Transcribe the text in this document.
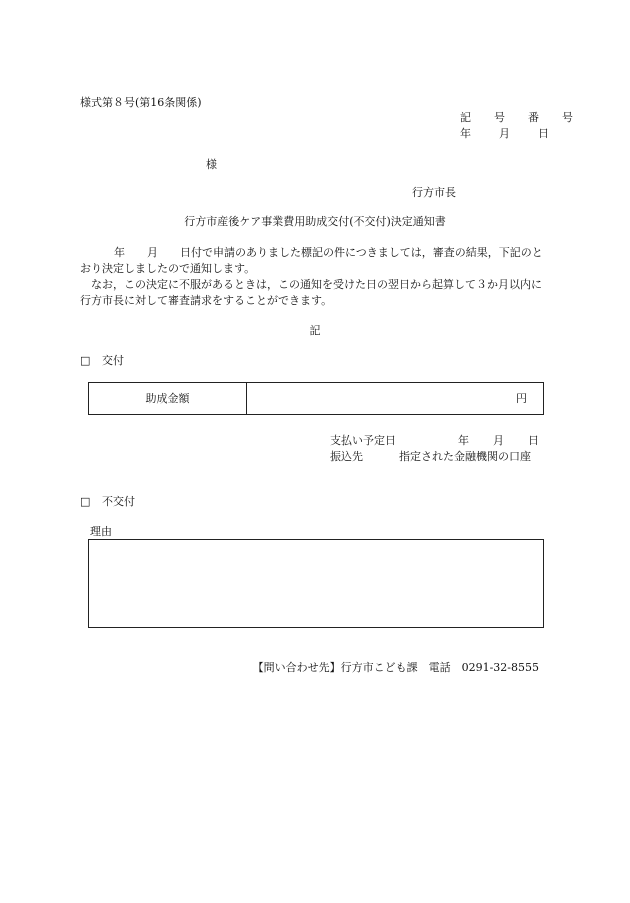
様式第８号(第16条関係)
記　号　番　号
年	月	日
様
行方市長
行方市産後ケア事業費用助成交付(不交付)決定通知書

年 月 日付で申請のありました標記の件につきましては，審査の結果，下記のとおり決定しましたので通知します。

なお，この決定に不服があるときは，この通知を受けた日の翌日から起算して３か月以内に行方市長に対して審査請求をすることができます。

記
□ 交付
助成金額	円
支払い予定日	年 月 日
振込先	指定された金融機関の口座
□ 不交付
理由
【問い合わせ先】行方市こども課　電話　0291-32-8555
